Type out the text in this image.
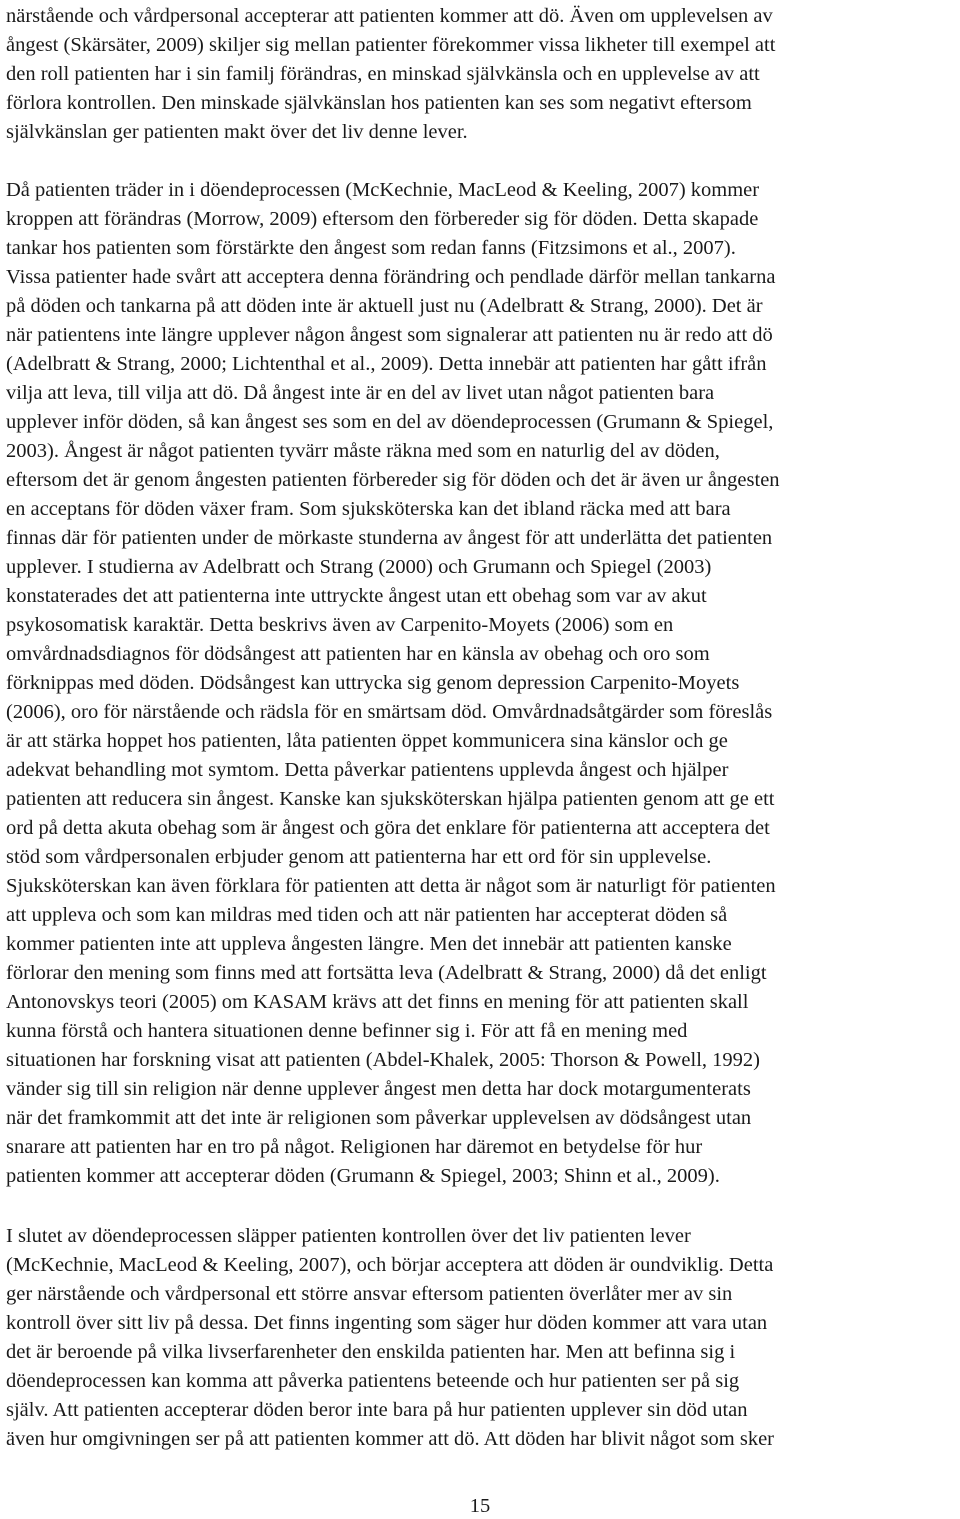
närstående och vårdpersonal accepterar att patienten kommer att dö. Även om upplevelsen av

ångest (Skärsäter, 2009) skiljer sig mellan patienter förekommer vissa likheter till exempel att

den roll patienten har i sin familj förändras, en minskad självkänsla och en upplevelse av att

förlora kontrollen. Den minskade självkänslan hos patienten kan ses som negativt eftersom

självkänslan ger patienten makt över det liv denne lever.

Då patienten träder in i döendeprocessen (McKechnie, MacLeod & Keeling, 2007) kommer

kroppen att förändras (Morrow, 2009) eftersom den förbereder sig för döden. Detta skapade

tankar hos patienten som förstärkte den ångest som redan fanns (Fitzsimons et al., 2007).

Vissa patienter hade svårt att acceptera denna förändring och pendlade därför mellan tankarna

på döden och tankarna på att döden inte är aktuell just nu (Adelbratt & Strang, 2000). Det är

när patientens inte längre upplever någon ångest som signalerar att patienten nu är redo att dö

(Adelbratt & Strang, 2000; Lichtenthal et al., 2009). Detta innebär att patienten har gått ifrån

vilja att leva, till vilja att dö. Då ångest inte är en del av livet utan något patienten bara

upplever inför döden, så kan ångest ses som en del av döendeprocessen (Grumann & Spiegel,

2003). Ångest är något patienten tyvärr måste räkna med som en naturlig del av döden,

eftersom det är genom ångesten patienten förbereder sig för döden och det är även ur ångesten

en acceptans för döden växer fram. Som sjuksköterska kan det ibland räcka med att bara

finnas där för patienten under de mörkaste stunderna av ångest för att underlätta det patienten

upplever. I studierna av Adelbratt och Strang (2000) och Grumann och Spiegel (2003)

konstaterades det att patienterna inte uttryckte ångest utan ett obehag som var av akut

psykosomatisk karaktär. Detta beskrivs även av Carpenito-Moyets (2006) som en

omvårdnadsdiagnos för dödsångest att patienten har en känsla av obehag och oro som

förknippas med döden. Dödsångest kan uttrycka sig genom depression Carpenito-Moyets

(2006), oro för närstående och rädsla för en smärtsam död. Omvårdnadsåtgärder som föreslås

är att stärka hoppet hos patienten, låta patienten öppet kommunicera sina känslor och ge

adekvat behandling mot symtom. Detta påverkar patientens upplevda ångest och hjälper

patienten att reducera sin ångest. Kanske kan sjuksköterskan hjälpa patienten genom att ge ett

ord på detta akuta obehag som är ångest och göra det enklare för patienterna att acceptera det

stöd som vårdpersonalen erbjuder genom att patienterna har ett ord för sin upplevelse.

Sjuksköterskan kan även förklara för patienten att detta är något som är naturligt för patienten

att uppleva och som kan mildras med tiden och att när patienten har accepterat döden så

kommer patienten inte att uppleva ångesten längre. Men det innebär att patienten kanske

förlorar den mening som finns med att fortsätta leva (Adelbratt & Strang, 2000) då det enligt

Antonovskys teori (2005) om KASAM krävs att det finns en mening för att patienten skall

kunna förstå och hantera situationen denne befinner sig i. För att få en mening med

situationen har forskning visat att patienten (Abdel-Khalek, 2005: Thorson & Powell, 1992)

vänder sig till sin religion när denne upplever ångest men detta har dock motargumenterats

när det framkommit att det inte är religionen som påverkar upplevelsen av dödsångest utan

snarare att patienten har en tro på något. Religionen har däremot en betydelse för hur

patienten kommer att accepterar döden (Grumann & Spiegel, 2003; Shinn et al., 2009).

I slutet av döendeprocessen släpper patienten kontrollen över det liv patienten lever

(McKechnie, MacLeod & Keeling, 2007), och börjar acceptera att döden är oundviklig. Detta

ger närstående och vårdpersonal ett större ansvar eftersom patienten överlåter mer av sin

kontroll över sitt liv på dessa. Det finns ingenting som säger hur döden kommer att vara utan

det är beroende på vilka livserfarenheter den enskilda patienten har. Men att befinna sig i

döendeprocessen kan komma att påverka patientens beteende och hur patienten ser på sig

själv. Att patienten accepterar döden beror inte bara på hur patienten upplever sin död utan

även hur omgivningen ser på att patienten kommer att dö. Att döden har blivit något som sker

15
